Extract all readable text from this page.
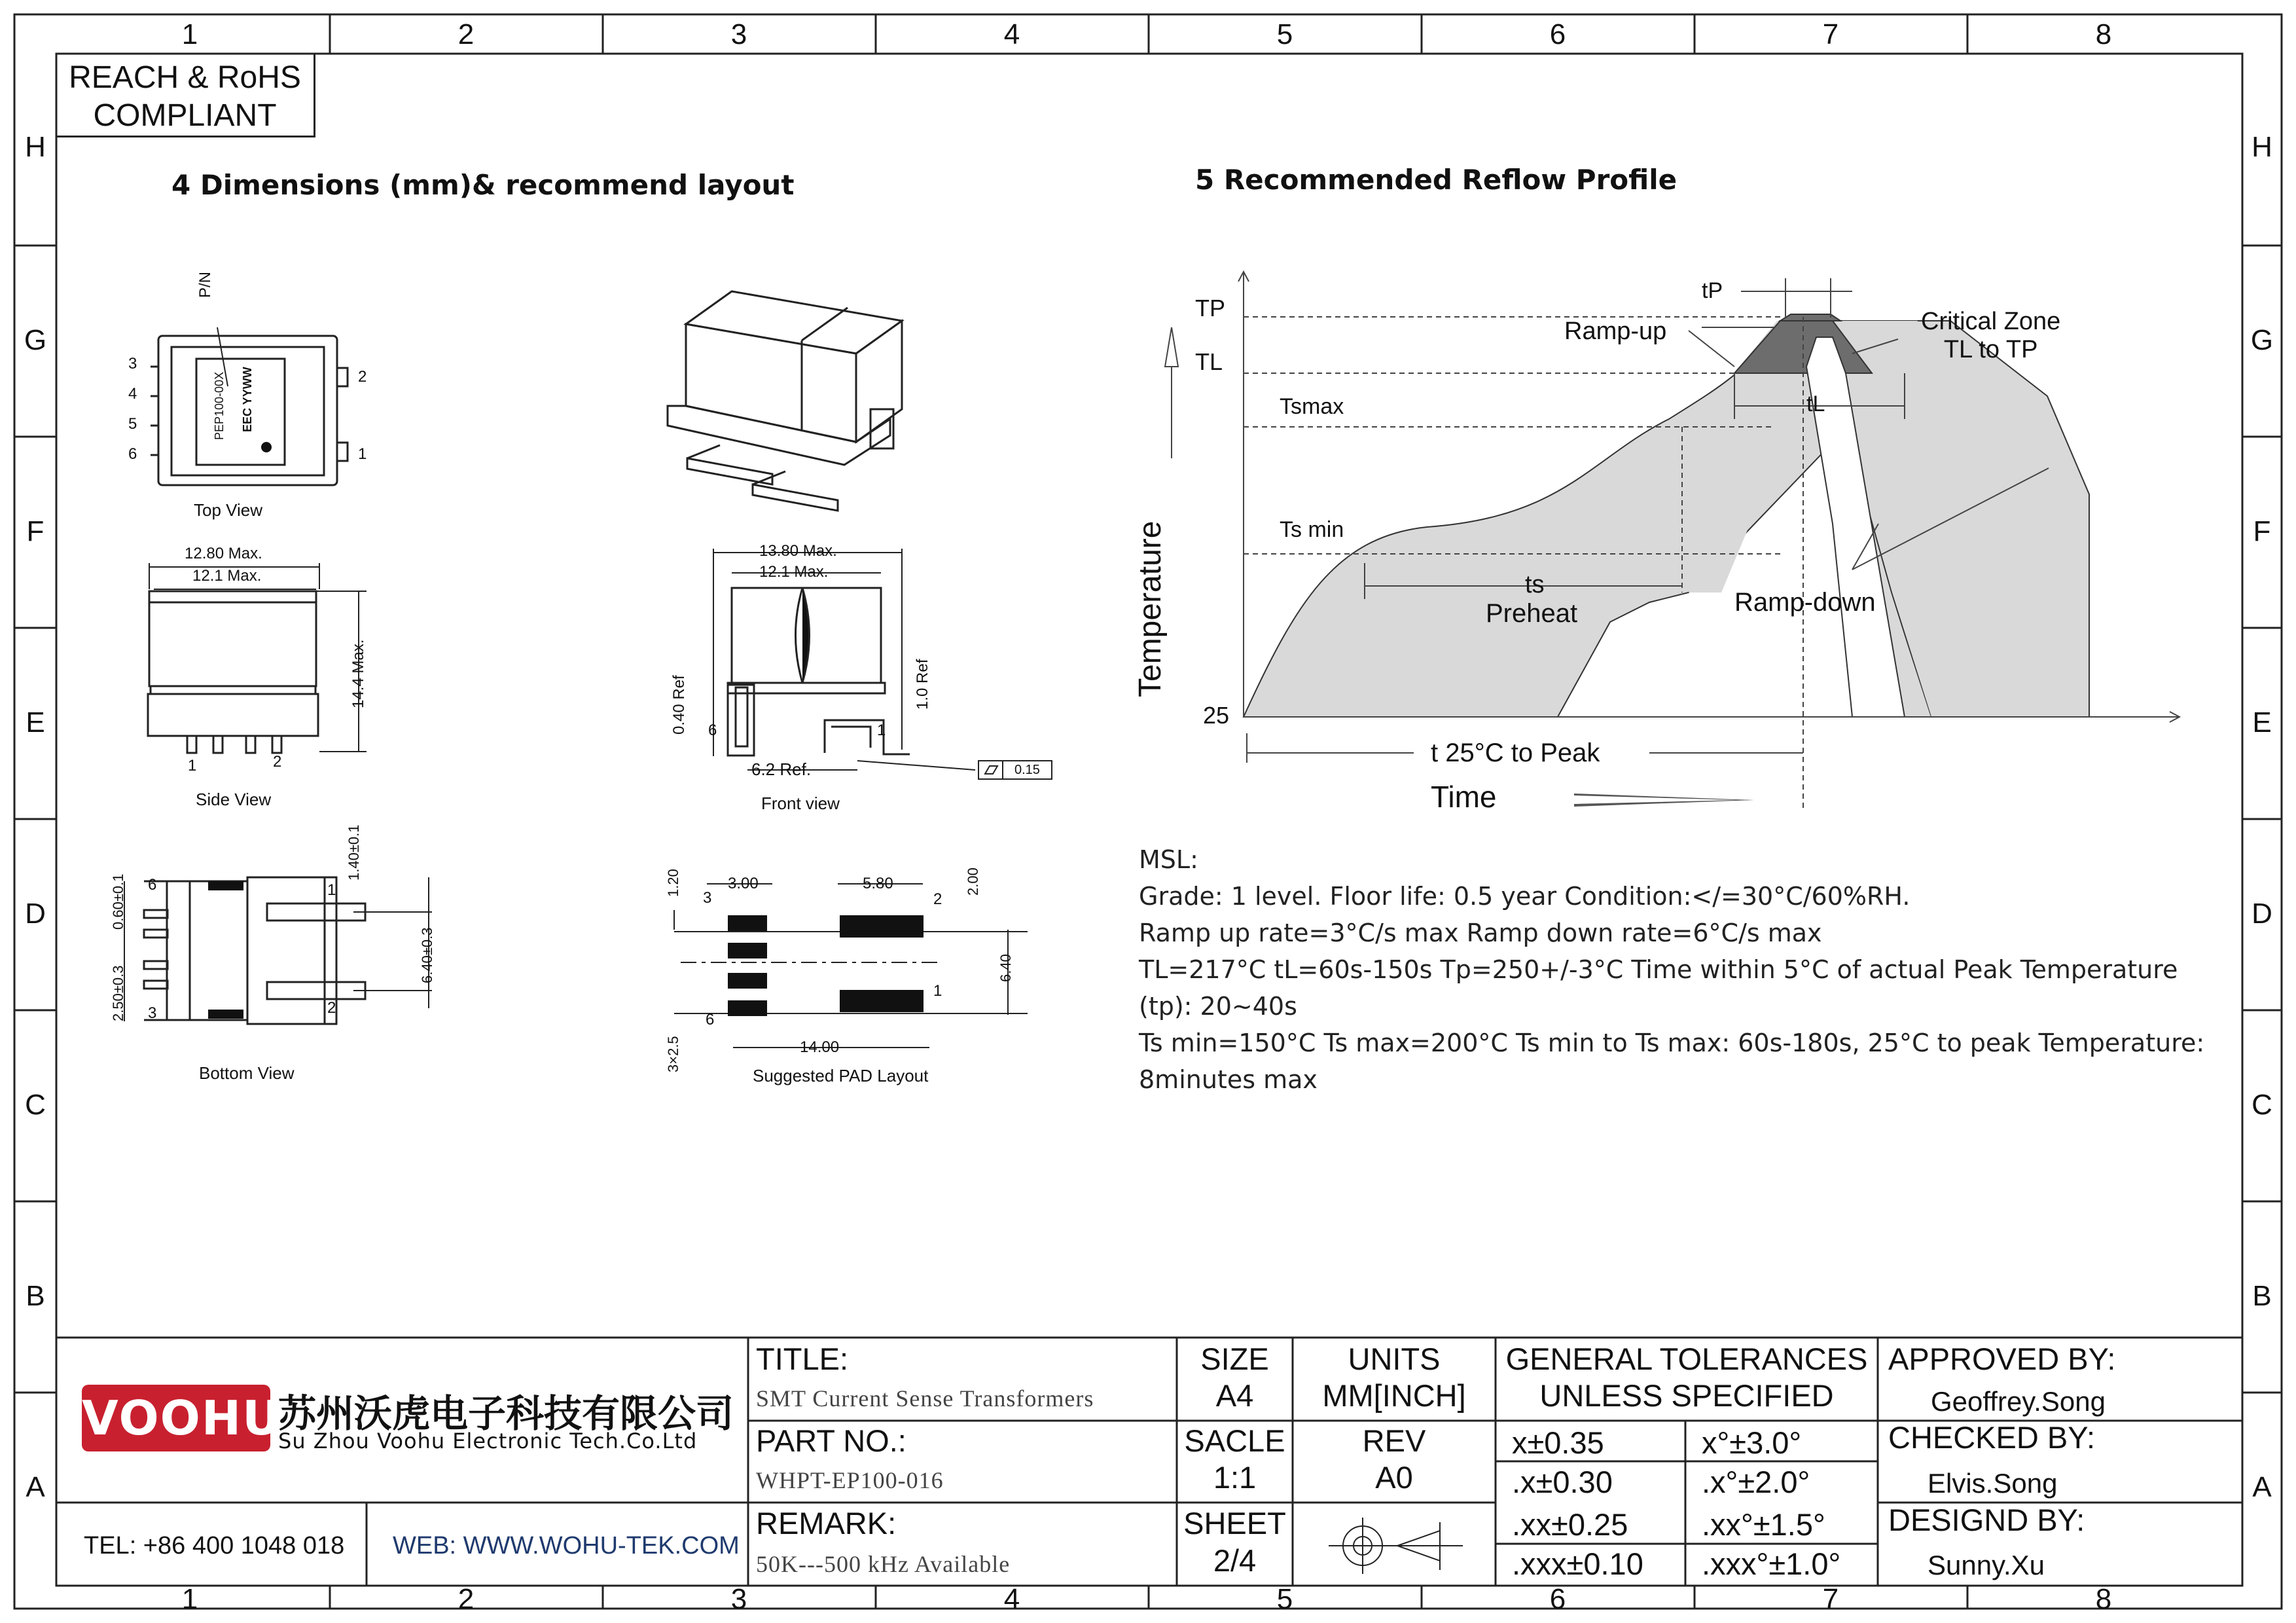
1	2	3	4	5	6	7	8
1	2	3	4	5	6	7	8
H
G
F
E
D
C
B
A
H
G
F
E
D
C
B
A
REACH & RoHS
COMPLIANT
4 Dimensions (mm)& recommend layout	5 Recommended Reflow Profile
P/N
PEP100-00X EEC YYWW
3
4
5
6
2
1
Top View
12.80 Max.
12.1 Max.
14.4 Max.
1	2
Side View
13.80 Max.
12.1 Max.
0.40 Ref	1.0 Ref
6.2 Ref.	0.15
6	1
Front view
0.60±0.1
2.50±0.3
1.40±0.1
6.40±0.3
6
3
1
2
Bottom View
3.00	5.80
1.20	2.00
6.40
3×2.5	14.00
3
6
2
1
Suggested PAD Layout
TP
TL
Tsmax
Ts min
25
Temperature
Time
tP
Ramp-up	Critical Zone
TL to TP
tL
ts
Preheat	Ramp-down
t 25°C to Peak
MSL:
Grade: 1 level. Floor life: 0.5 year Condition:</=30°C/60%RH.
Ramp up rate=3°C/s max Ramp down rate=6°C/s max
TL=217°C tL=60s-150s Tp=250+/-3°C Time within 5°C of actual Peak Temperature
(tp): 20~40s
Ts min=150°C Ts max=200°C Ts min to Ts max: 60s-180s, 25°C to peak Temperature:
8minutes max
VOOHU
苏州沃虎电子科技有限公司
Su Zhou Voohu Electronic Tech.Co.Ltd
TEL: +86 400 1048 018 WEB: WWW.WOHU-TEK.COM
TITLE:
SMT Current Sense Transformers
PART NO.:
WHPT-EP100-016
REMARK:
50K---500 kHz Available
SIZE
A4
SACLE
1:1
SHEET
2/4
UNITS
MM[INCH]
REV
A0
GENERAL TOLERANCES
UNLESS SPECIFIED
x±0.35	x°±3.0°
.x±0.30	.x°±2.0°
.xx±0.25 .xx°±1.5°
.xxx±0.10 .xxx°±1.0°
APPROVED BY:
Geoffrey.Song
CHECKED BY:
Elvis.Song
DESIGND BY:
Sunny.Xu
